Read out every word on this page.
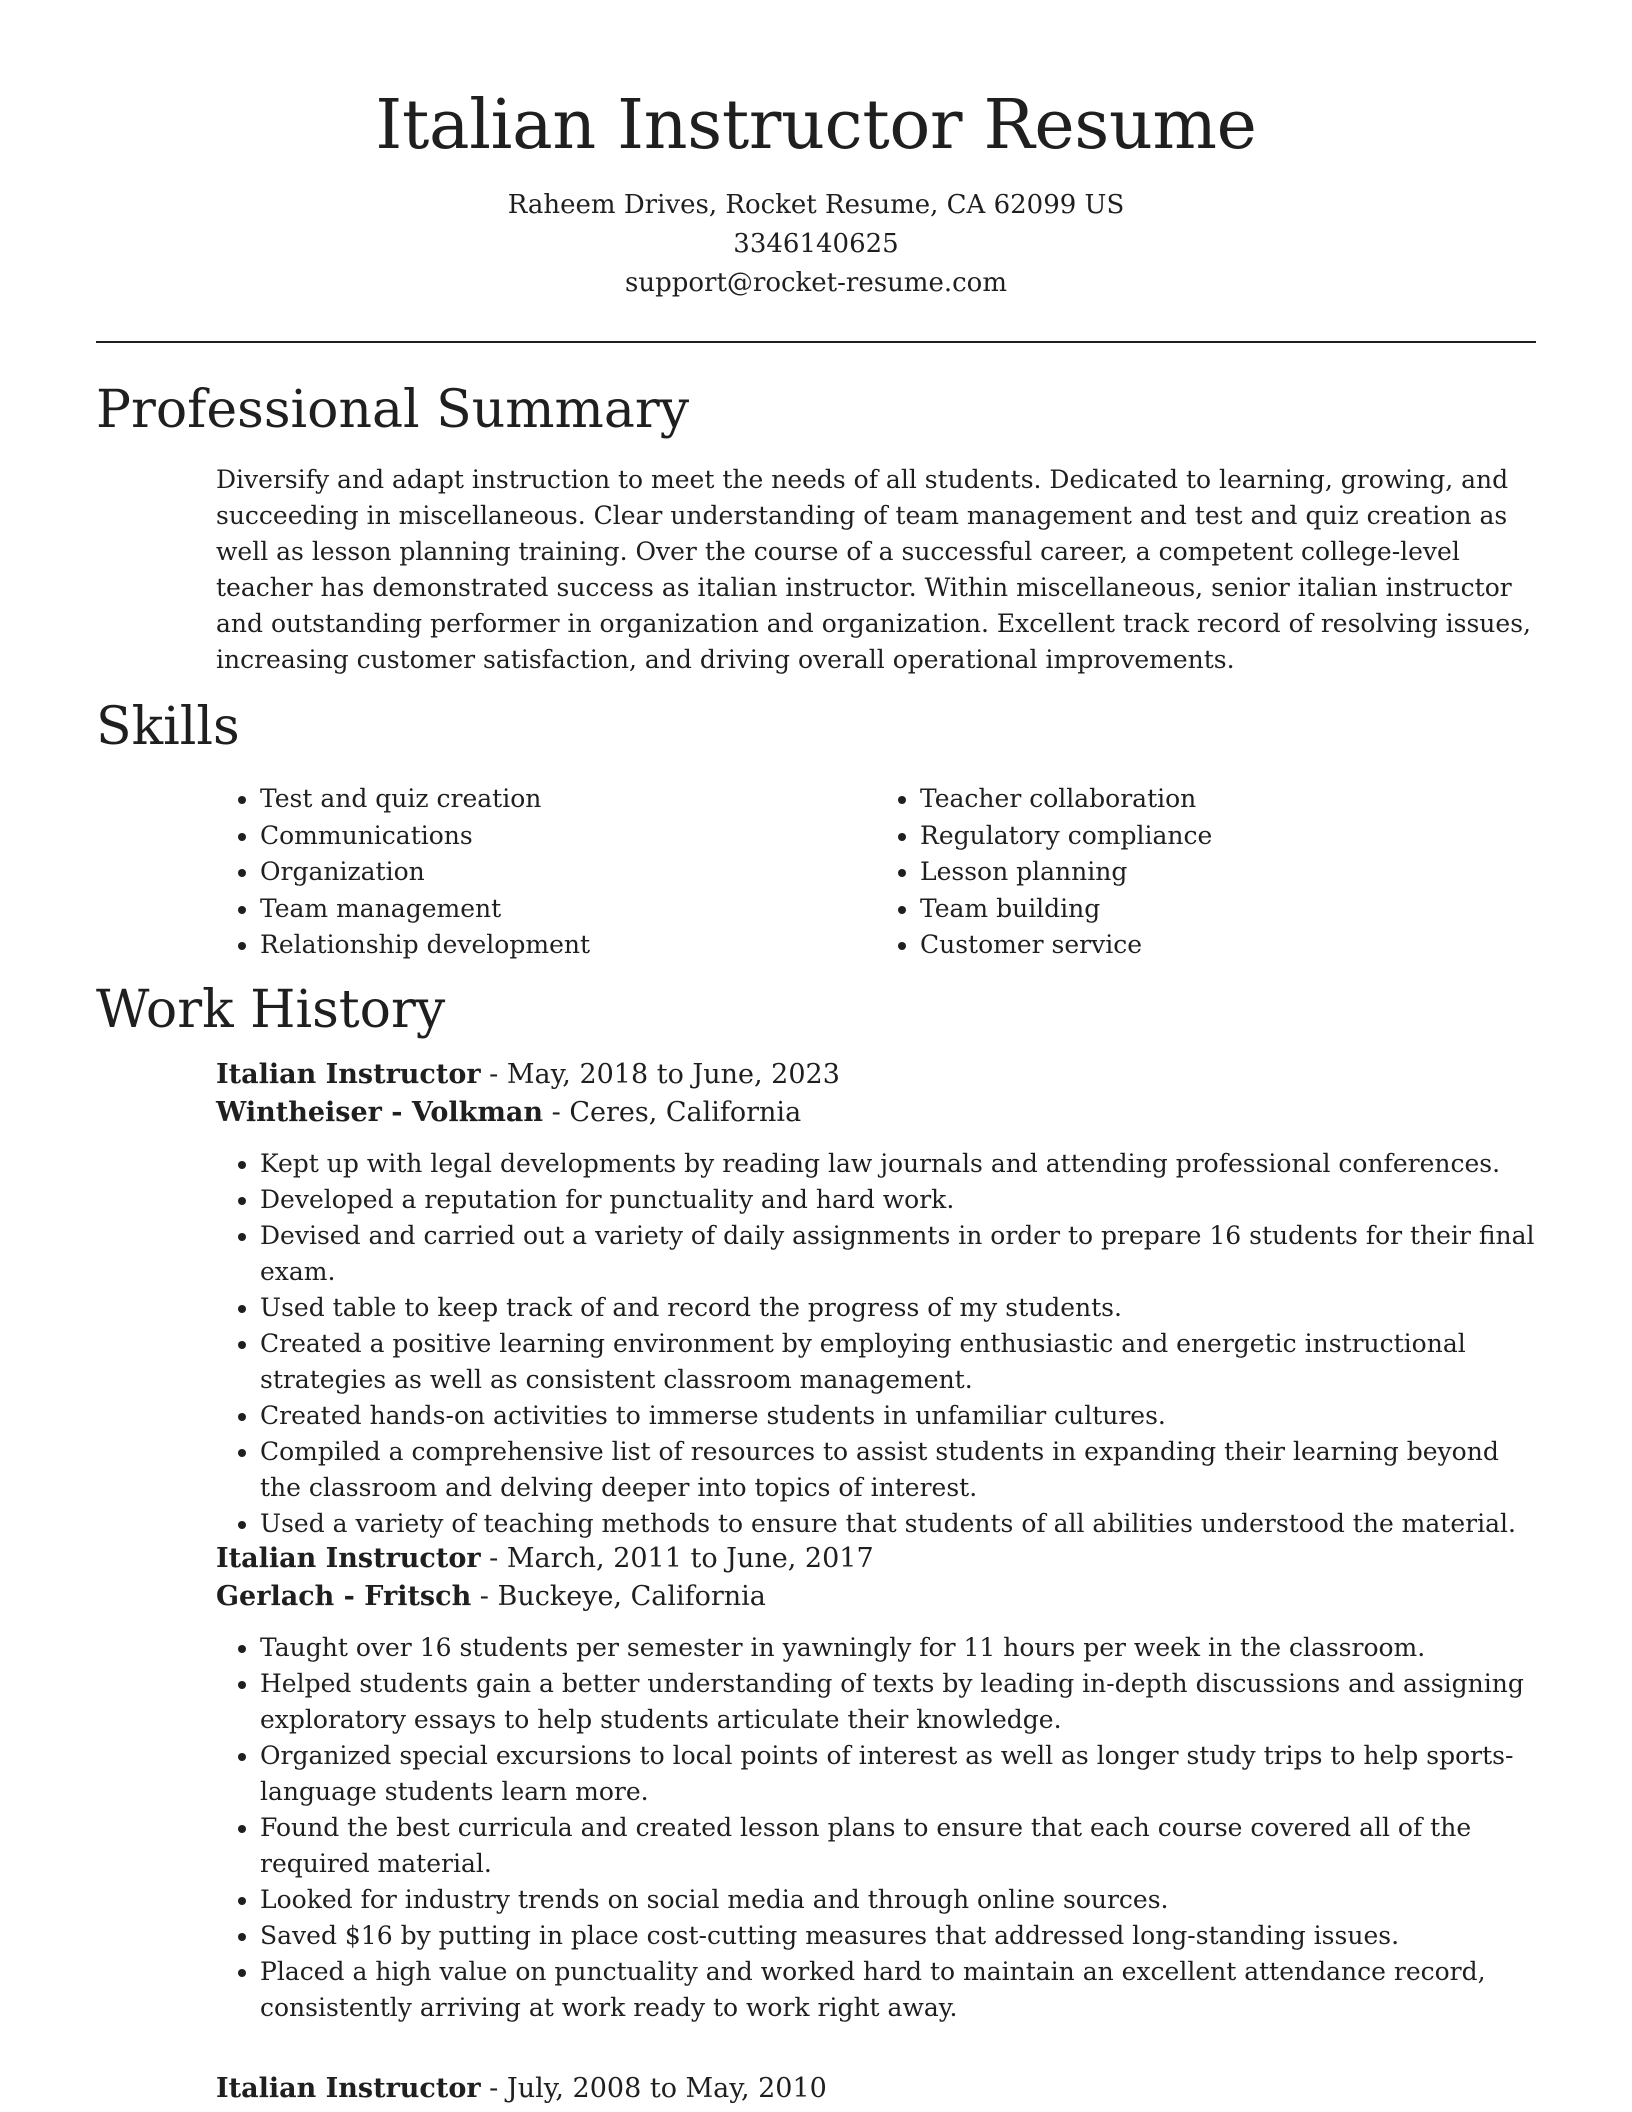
Italian Instructor Resume
Raheem Drives, Rocket Resume, CA 62099 US
3346140625
support@rocket-resume.com
Professional Summary

Diversify and adapt instruction to meet the needs of all students. Dedicated to learning, growing, and succeeding in miscellaneous. Clear understanding of team management and test and quiz creation as well as lesson planning training. Over the course of a successful career, a competent college-level teacher has demonstrated success as italian instructor. Within miscellaneous, senior italian instructor and outstanding performer in organization and organization. Excellent track record of resolving issues, increasing customer satisfaction, and driving overall operational improvements.

Skills
• Test and quiz creation
• Communications
• Organization
• Team management
• Relationship development
• Teacher collaboration
• Regulatory compliance
• Lesson planning
• Team building
• Customer service
Work History
Italian Instructor - May, 2018 to June, 2023
Wintheiser - Volkman - Ceres, California
• Kept up with legal developments by reading law journals and attending professional conferences.
• Developed a reputation for punctuality and hard work.
• Devised and carried out a variety of daily assignments in order to prepare 16 students for their final exam.
• Used table to keep track of and record the progress of my students.
• Created a positive learning environment by employing enthusiastic and energetic instructional strategies as well as consistent classroom management.
• Created hands-on activities to immerse students in unfamiliar cultures.
• Compiled a comprehensive list of resources to assist students in expanding their learning beyond the classroom and delving deeper into topics of interest.
• Used a variety of teaching methods to ensure that students of all abilities understood the material.
Italian Instructor - March, 2011 to June, 2017
Gerlach - Fritsch - Buckeye, California
• Taught over 16 students per semester in yawningly for 11 hours per week in the classroom.
• Helped students gain a better understanding of texts by leading in-depth discussions and assigning exploratory essays to help students articulate their knowledge.
• Organized special excursions to local points of interest as well as longer study trips to help sports-language students learn more.
• Found the best curricula and created lesson plans to ensure that each course covered all of the required material.
• Looked for industry trends on social media and through online sources.
• Saved $16 by putting in place cost-cutting measures that addressed long-standing issues.
• Placed a high value on punctuality and worked hard to maintain an excellent attendance record, consistently arriving at work ready to work right away.
Italian Instructor - July, 2008 to May, 2010
